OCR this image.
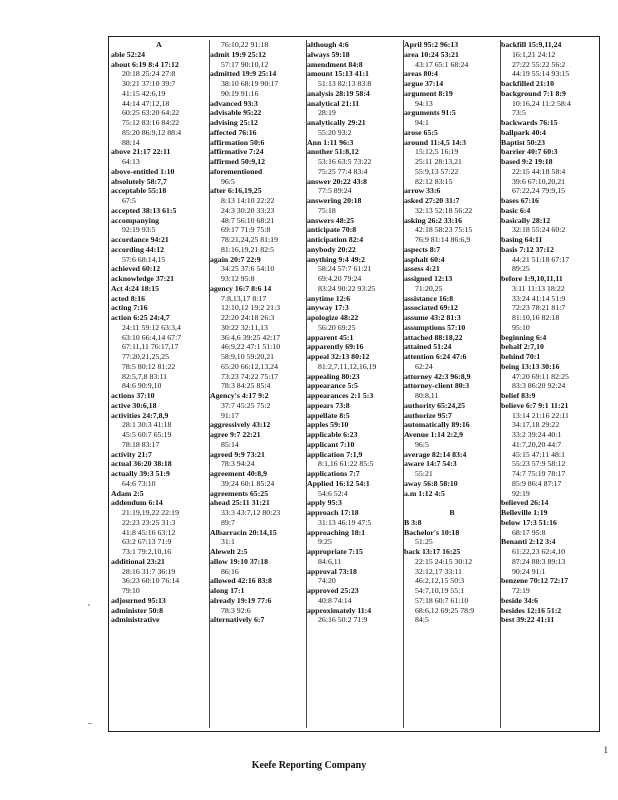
A
able 52:24
about 6:19 8:4 17:12
20:18 25:24 27:8
30:21 37:10 39:7
41:15 42:6,19
44:14 47:12,18
60:25 63:20 64:22
75:12 83:16 84:22
85:20 86:9,12 88:4
88:14
above 21:17 22:11
64:13
above-entitled 1:10
absolutely 58:7,7
acceptable 55:18
67:5
accepted 38:13 61:5
accompanying
92:19 93:5
accordance 94:21
according 44:12
57:6 68:14,15
achieved 60:12
acknowledge 37:21
Act 4:24 18:15
acted 8:16
acting 7:16
action 6:25 24:4,7
24:11 59:12 63:3,4
63:10 66:4,14 67:7
67:11,11 76:17,17
77:20,21,25,25
78:5 80:12 81:22
82:5,7,8 83:11
84:6 90:9,10
actions 37:10
active 30:6,18
activities 24:7,8,9
28:1 30:3 41:18
45:5 60:7 65:19
78:18 83:17
activity 21:7
actual 36:20 38:18
actually 39:3 51:9
64:6 73:10
Adam 2:5
addendum 6:14
21:19,19,22 22:19
22:23 23:25 31:3
41:8 45:16 63:12
63:2 67:13 71:9
73:1 79:2,10,16
additional 23:21
28:16 31:7 36:19
36:23 60:10 76:14
79:10
adjourned 95:13
administer 50:8
administrative
76:10,22 91:18
admit 19:9 25:12
57:17 90:10,12
admitted 19:9 25:14
38:10 68:19 90:17
90:19 91:16
advanced 93:3
advisable 95:22
advising 25:12
affected 76:16
affirmation 50:6
affirmative 7:24
affirmed 50:9,12
aforementioned
96:5
after 6:16,19,25
8:13 14:10 22:22
24:3 30:20 33:23
48:7 56:10 68:21
69:17 71:9 75:8
78:21,24,25 81:19
81:16,19,21 82:5
again 20:7 22:9
34:25 37:6 54:10
93:12 95:8
agency 16:7 8:6 14
7:8,13,17 8:17
12:10,12 19:2 21:3
22:20 24:18 26:3
30:22 32:11,13
36:4,6 39:25 42:17
46:9,22 47:1 51:10
58:9,10 59:20,21
65:20 66:12,13,24
73:23 74:22 75:17
78:3 84:25 85:4
Agency's 4:17 9:2
37:7 45:25 75:2
91:17
aggressively 43:12
agree 9:7 22:21
85:14
agreed 9:9 73:21
78:3 94:24
agreement 40:8,9
39:24 60:1 85:24
agreements 65:25
ahead 25:11 31:21
33:3 43:7,12 80:23
89:7
Albarracin 20:14,15
31:1
Alewelt 2:5
allow 19:10 37:18
86:16
allowed 42:16 83:8
along 17:1
already 19:19 77:6
78:3 92:6
alternatively 6:7
although 4:6
always 59:18
amendment 84:8
amount 15:13 41:1
51:13 82:13 83:8
analysis 28:19 58:4
analytical 21:11
28:19
analytically 29:21
55:20 93:2
Ann 1:11 96:3
another 51:8,12
53:16 63:5 73:22
75:25 77:4 83:4
answer 20:22 43:8
77:5 89:24
answering 20:18
75:18
answers 48:25
anticipate 70:8
anticipation 82:4
anybody 20:22
anything 9:4 49:2
58:24 57:7 61:21
69:4,20 79:24
83:24 90:22 93:25
anytime 12:6
anyway 17:3
apologize 48:22
56:20 69:25
apparent 45:1
apparently 69:16
appeal 32:13 80:12
81:2,7,11,12,16,19
appealing 80:23
appearance 5:5
appearances 2:1 5:3
appears 73:8
appellate 8:5
apples 59:10
applicable 6:23
applicant 7:10
application 7:1,9
8:1,16 61:22 85:5
applications 7:7
Applied 16:12 54:1
54:6 52:4
apply 95:3
approach 17:18
31:13 46:19 47:5
approaching 18:1
9:25
appropriate 7:15
84:6,11
approval 73:18
74:20
approved 25:23
40:8 74:14
approximately 11:4
26:16 50:2 71:9
April 95:2 96:13
area 10:24 53:21
43:17 65:1 68:24
areas 80:4
argue 37:14
argument 8:19
94:13
arguments 91:5
94:1
arose 65:5
around 11:4,5 14:3
15:12,5 16:19
25:11 28:13,21
55:9,13 57:22
82:12 83:15
arrow 33:6
asked 27:20 31:7
32:13 52:18 56:22
asking 26:2 33:16
42:18 58:23 75:15
76:9 81:14 86:6,9
aspects 8:7
asphalt 60:4
assess 4:21
assigned 12:13
71:20,25
assistance 16:8
associated 69:12
assume 43:2 81:3
assumptions 57:10
attached 88:18,22
attained 51:24
attention 6:24 47:6
62:24
attorney 42:3 96:8,9
attorney-client 80:3
80:8,11
authority 65:24,25
authorize 95:7
automatically 89:16
Avenue 1:14 2:2,9
96:5
average 82:14 83:4
aware 14:7 54:3
55:21
away 56:8 58:10
a.m 1:12 4:5
B
B 3:8
Bachelor's 10:18
51:25
back 13:17 16:25
22:15 24:15 30:12
32:12,17 33:11
46:2,12,15 50:3
54:7,10,19 55:1
57:18 60:7 61:10
68:6,12 69:25 78:9
84:5
backfill 15:9,11,24
16:1,21 24:12
27:22 55:22 56:2
44:19 55:14 93:15
backfilled 21:10
background 7:1 8:9
10:16,24 11:2 58:4
73:5
backwards 76:15
ballpark 40:4
Baptist 50:23
barrier 40:7 60:3
based 9:2 19:18
22:15 44:18 58:4
39:6 67:10,20,21
67:22,24 79:9,15
bases 67:16
basic 6:4
basically 28:12
32:18 55:24 60:2
basing 64:11
basis 7:12 37:12
44:21 51:18 67:17
89:25
before 1:9,10,11,11
3:11 11:13 18:22
33:24 41:14 51:9
72:23 78:21 81:7
81:10,16 82:18
95:10
beginning 6:4
behalf 2:7,10
behind 70:1
being 13:13 30:16
47:20 69:11 82:25
83:3 86:20 92:24
belief 83:9
believe 6:7 9:1 11:21
13:14 21:16 22:11
34:17,18 29:22
33:2 39:24 40:1
41:7,20,20 44:7
45:15 47:11 48:1
55:23 57:9 58:12
74:7 75:19 78:17
85:9 86:4 87:17
92:19
believed 26:14
Belleville 1:19
below 17:3 51:16
68:17 95:8
Benanti 2:12 3:4
61:22,23 62:4,10
87:24 88:3 89:13
90:24 91:1
benzene 70:12 72:17
72:19
beside 34:6
besides 12:16 51:2
best 39:22 41:11
,
_
1
Keefe Reporting Company
